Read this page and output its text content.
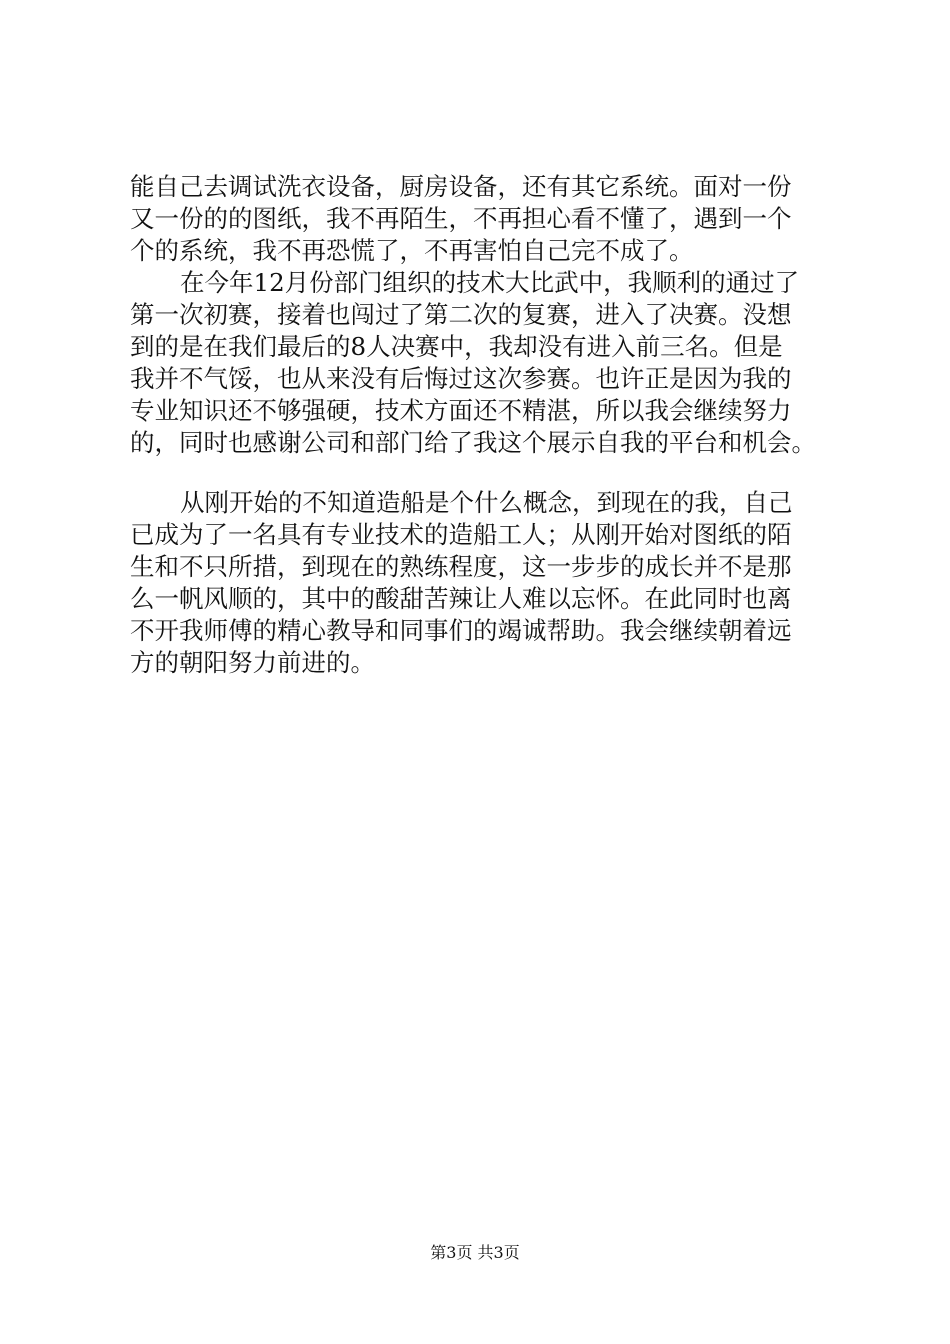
能自己去调试洗衣设备，厨房设备，还有其它系统。面对一份
又一份的的图纸，我不再陌生，不再担心看不懂了，遇到一个
个的系统，我不再恐慌了，不再害怕自己完不成了。
在今年12月份部门组织的技术大比武中，我顺利的通过了
第一次初赛，接着也闯过了第二次的复赛，进入了决赛。没想
到的是在我们最后的8人决赛中，我却没有进入前三名。但是
我并不气馁，也从来没有后悔过这次参赛。也许正是因为我的
专业知识还不够强硬，技术方面还不精湛，所以我会继续努力
的，同时也感谢公司和部门给了我这个展示自我的平台和机会。
从刚开始的不知道造船是个什么概念，到现在的我，自己
已成为了一名具有专业技术的造船工人；从刚开始对图纸的陌
生和不只所措，到现在的熟练程度，这一步步的成长并不是那
么一帆风顺的，其中的酸甜苦辣让人难以忘怀。在此同时也离
不开我师傅的精心教导和同事们的竭诚帮助。我会继续朝着远
方的朝阳努力前进的。
第3页 共3页
